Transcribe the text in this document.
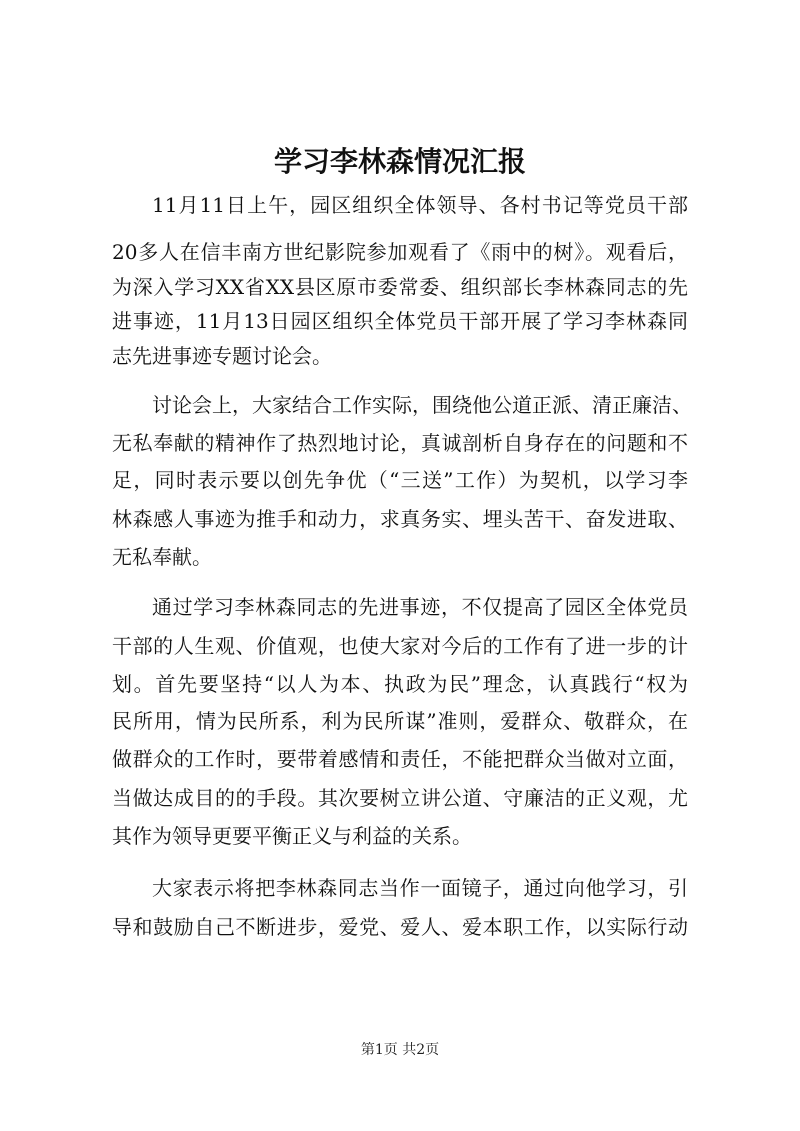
学习李林森情况汇报
11月11日上午，园区组织全体领导、各村书记等党员干部
20多人在信丰南方世纪影院参加观看了《雨中的树》。观看后，
为深入学习XX省XX县区原市委常委、组织部长李林森同志的先
进事迹，11月13日园区组织全体党员干部开展了学习李林森同
志先进事迹专题讨论会。
讨论会上，大家结合工作实际，围绕他公道正派、清正廉洁、
无私奉献的精神作了热烈地讨论，真诚剖析自身存在的问题和不
足，同时表示要以创先争优（“三送”工作）为契机，以学习李
林森感人事迹为推手和动力，求真务实、埋头苦干、奋发进取、
无私奉献。
通过学习李林森同志的先进事迹，不仅提高了园区全体党员
干部的人生观、价值观，也使大家对今后的工作有了进一步的计
划。首先要坚持“以人为本、执政为民”理念，认真践行“权为
民所用，情为民所系，利为民所谋”准则，爱群众、敬群众，在
做群众的工作时，要带着感情和责任，不能把群众当做对立面，
当做达成目的的手段。其次要树立讲公道、守廉洁的正义观，尤
其作为领导更要平衡正义与利益的关系。
大家表示将把李林森同志当作一面镜子，通过向他学习，引
导和鼓励自己不断进步，爱党、爱人、爱本职工作，以实际行动
第1页 共2页
